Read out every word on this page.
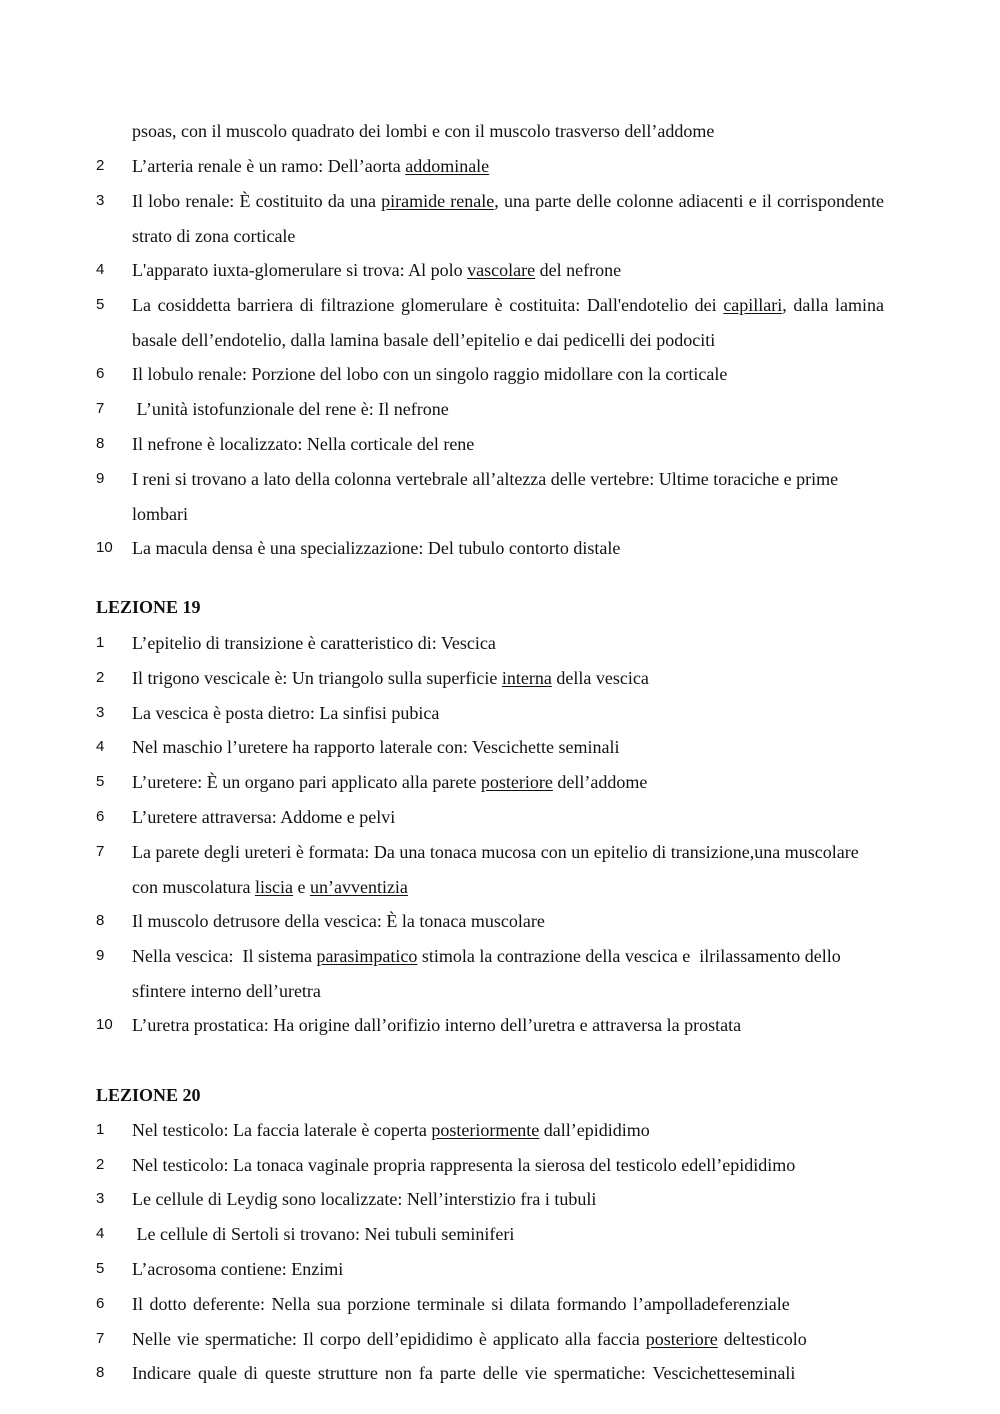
psoas, con il muscolo quadrato dei lombi e con il muscolo trasverso dell’addome
2	L’arteria renale è un ramo: Dell’aorta addominale
3	Il lobo renale: È costituito da una piramide renale, una parte delle colonne adiacenti e il corrispondente strato di zona corticale
4	L'apparato iuxta-glomerulare si trova: Al polo vascolare del nefrone
5	La cosiddetta barriera di filtrazione glomerulare è costituita: Dall'endotelio dei capillari, dalla lamina basale dell’endotelio, dalla lamina basale dell’epitelio e dai pedicelli dei podociti
6	Il lobulo renale: Porzione del lobo con un singolo raggio midollare con la corticale
7	L’unità istofunzionale del rene è: Il nefrone
8	Il nefrone è localizzato: Nella corticale del rene
9	I reni si trovano a lato della colonna vertebrale all’altezza delle vertebre: Ultime toraciche e prime lombari
10	La macula densa è una specializzazione: Del tubulo contorto distale
LEZIONE 19
1	L’epitelio di transizione è caratteristico di: Vescica
2	Il trigono vescicale è: Un triangolo sulla superficie interna della vescica
3	La vescica è posta dietro: La sinfisi pubica
4	Nel maschio l’uretere ha rapporto laterale con: Vescichette seminali
5	L’uretere: È un organo pari applicato alla parete posteriore dell’addome
6	L’uretere attraversa: Addome e pelvi
7	La parete degli ureteri è formata: Da una tonaca mucosa con un epitelio di transizione,una muscolare con muscolatura liscia e un’avventizia
8	Il muscolo detrusore della vescica: È la tonaca muscolare
9	Nella vescica:  Il sistema parasimpatico stimola la contrazione della vescica e  ilrilassamento dello sfintere interno dell’uretra
10	L’uretra prostatica: Ha origine dall’orifizio interno dell’uretra e attraversa la prostata
LEZIONE 20
1	Nel testicolo: La faccia laterale è coperta posteriormente dall’epididimo
2	Nel testicolo: La tonaca vaginale propria rappresenta la sierosa del testicolo edell’epididimo
3	Le cellule di Leydig sono localizzate: Nell’interstizio fra i tubuli
4	Le cellule di Sertoli si trovano: Nei tubuli seminiferi
5	L’acrosoma contiene: Enzimi
6	Il dotto deferente: Nella sua porzione terminale si dilata formando l’ampolladeferenziale
7	Nelle vie spermatiche: Il corpo dell’epididimo è applicato alla faccia posteriore deltesticolo
8	Indicare quale di queste strutture non fa parte delle vie spermatiche: Vescichetteseminali
